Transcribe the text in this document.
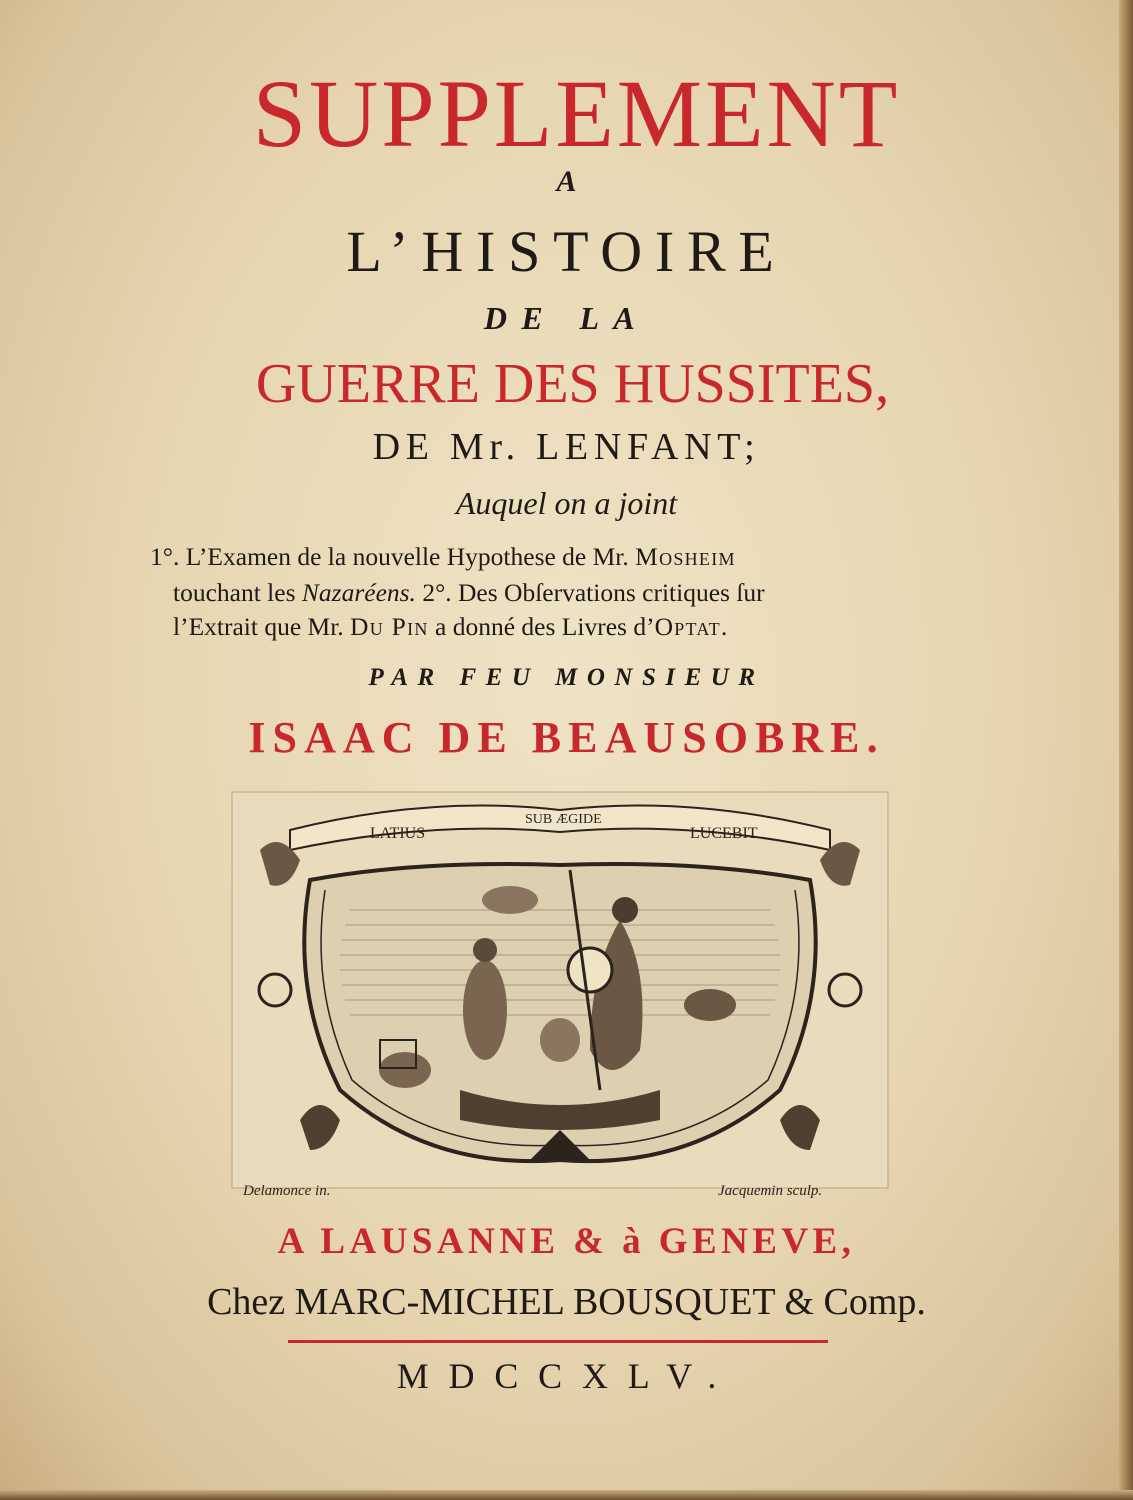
SUPPLEMENT
A
L’HISTOIRE
DE LA
GUERRE DES HUSSITES,
DE Mr. LENFANT;
Auquel on a joint
1°. L’Examen de la nouvelle Hypothese de Mr. Mosheim
touchant les Nazaréens. 2°. Des Obſervations critiques ſur
l’Extrait que Mr. Du Pin a donné des Livres d’Optat.
PAR FEU MONSIEUR
ISAAC DE BEAUSOBRE.
LATIUS
SUB ÆGIDE
LUCEBIT
Delamonce in.	Jacquemin sculp.
A LAUSANNE & à GENEVE,
Chez MARC-MICHEL BOUSQUET & Comp.
MDCCXLV.
